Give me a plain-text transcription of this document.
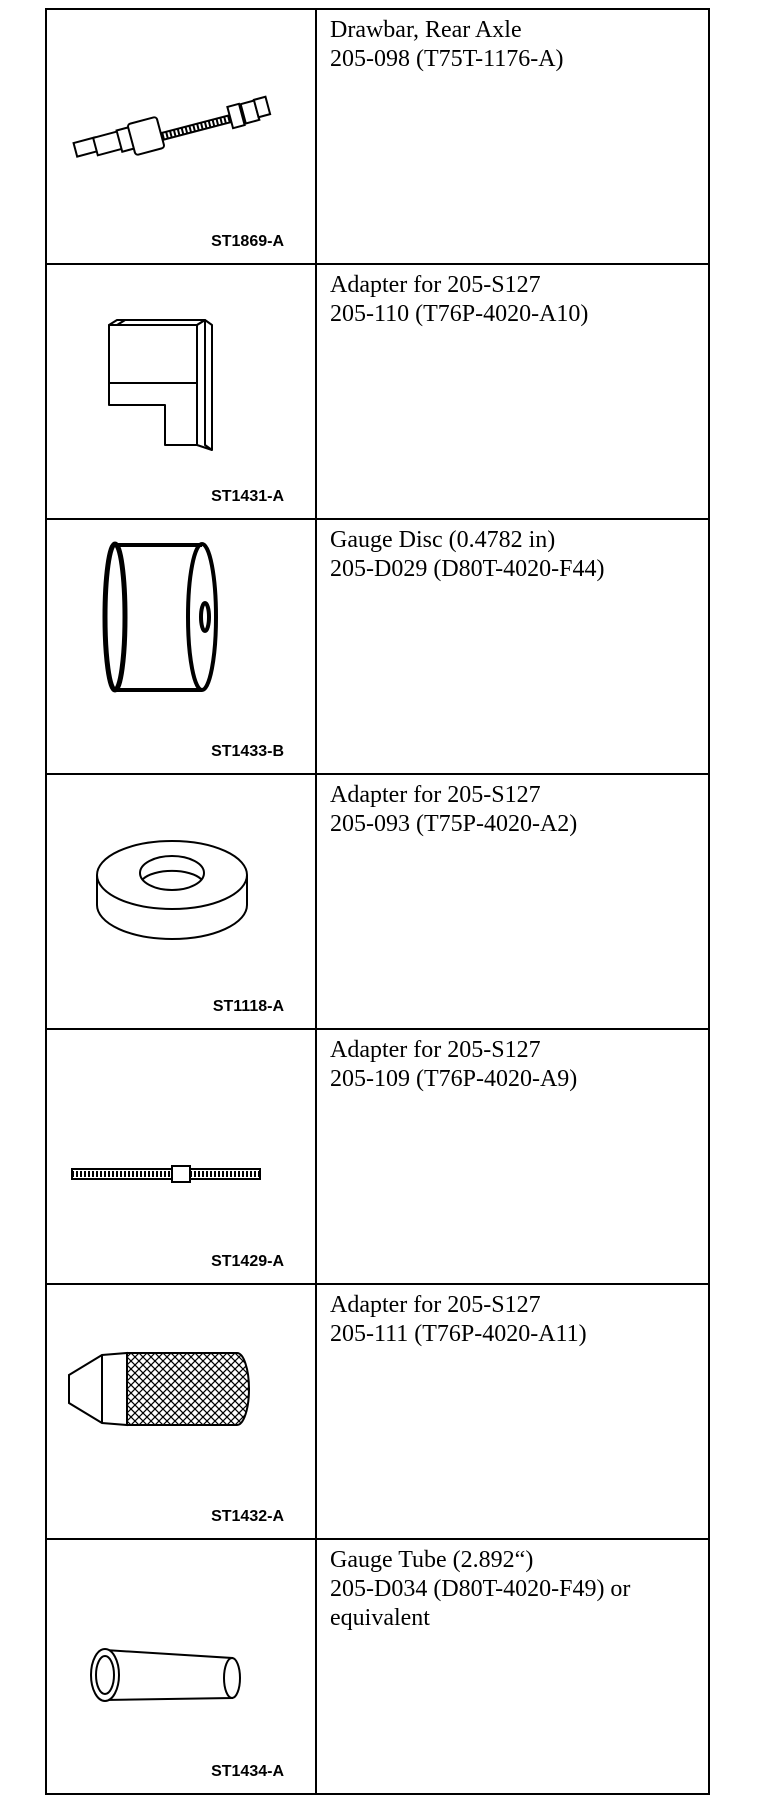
ST1869-A	Drawbar, Rear Axle
205-098 (T75T-1176-A)

ST1431-A	Adapter for 205-S127
205-110 (T76P-4020-A10)

ST1433-B	Gauge Disc (0.4782 in)
205-D029 (D80T-4020-F44)

ST1118-A	Adapter for 205-S127
205-093 (T75P-4020-A2)

ST1429-A	Adapter for 205-S127
205-109 (T76P-4020-A9)

ST1432-A	Adapter for 205-S127
205-111 (T76P-4020-A11)

ST1434-A	Gauge Tube (2.892“)
205-D034 (D80T-4020-F49) or
equivalent
